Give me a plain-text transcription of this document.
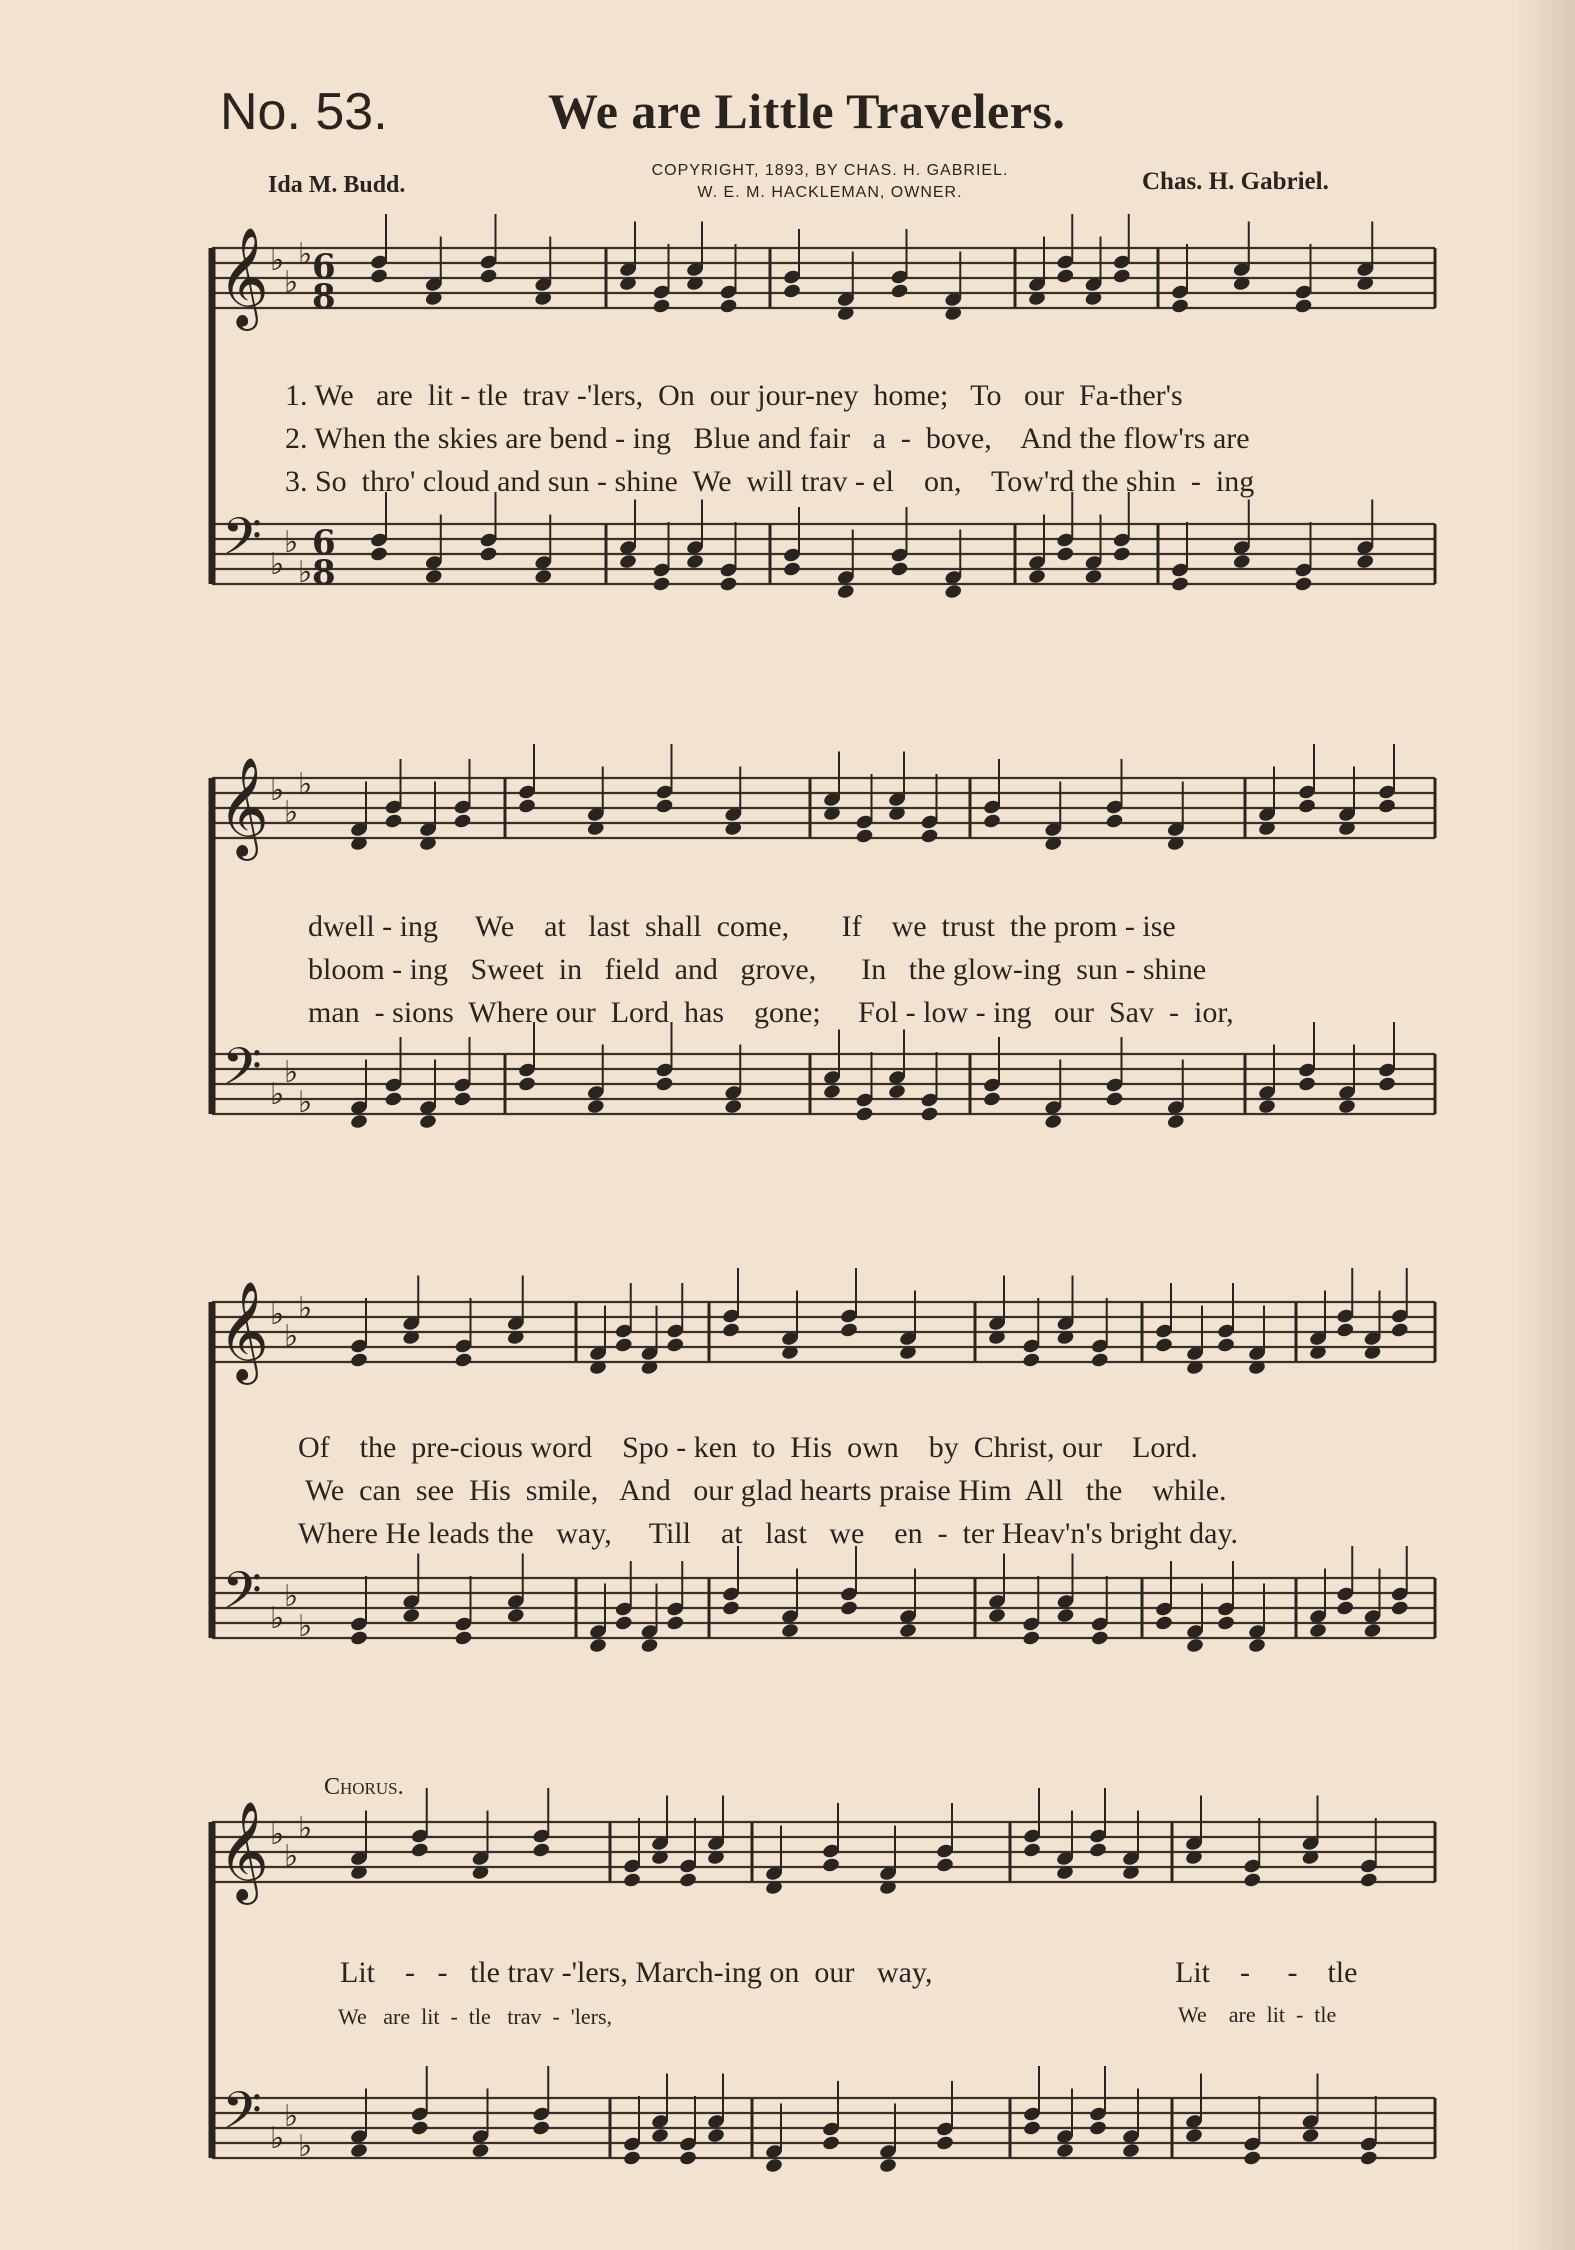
No. 53.	We are Little Travelers.
Ida M. Budd.
COPYRIGHT, 1893, BY CHAS. H. GABRIEL.
W. E. M. HACKLEMAN, OWNER.	Chas. H. Gabriel.
𝄞 ♭
♭
♭ 6
8
𝄢 ♭
♭
♭
6
8
𝄞 ♭
♭
♭
𝄢 ♭
♭
♭
𝄞 ♭
♭
♭
𝄢 ♭
♭
♭
𝄞 ♭
♭
♭
𝄢 ♭
♭
♭
1. We   are  lit - tle  trav -'lers,  On  our jour-ney  home;   To   our  Fa-ther's
2. When the skies are bend - ing   Blue and fair   a  -  bove,    And the flow'rs are
3. So  thro' cloud and sun - shine  We  will trav - el    on,    Tow'rd the shin  -  ing
dwell - ing     We    at   last  shall  come,       If    we  trust  the prom - ise
bloom - ing   Sweet  in   field  and   grove,      In   the glow-ing  sun - shine
man  - sions  Where our  Lord  has    gone;     Fol - low - ing   our  Sav  -  ior,
Of    the  pre-cious word    Spo - ken  to  His  own    by  Christ, our    Lord.
We  can  see  His  smile,   And   our glad hearts praise Him  All   the    while.
Where He leads the   way,     Till    at   last   we    en  -  ter Heav'n's bright day.
Chorus.
Lit    -   -   tle trav -'lers, March-ing on  our   way,	Lit    -     -    tle
We   are  lit  -  tle   trav  -  'lers,	We    are  lit  -  tle
